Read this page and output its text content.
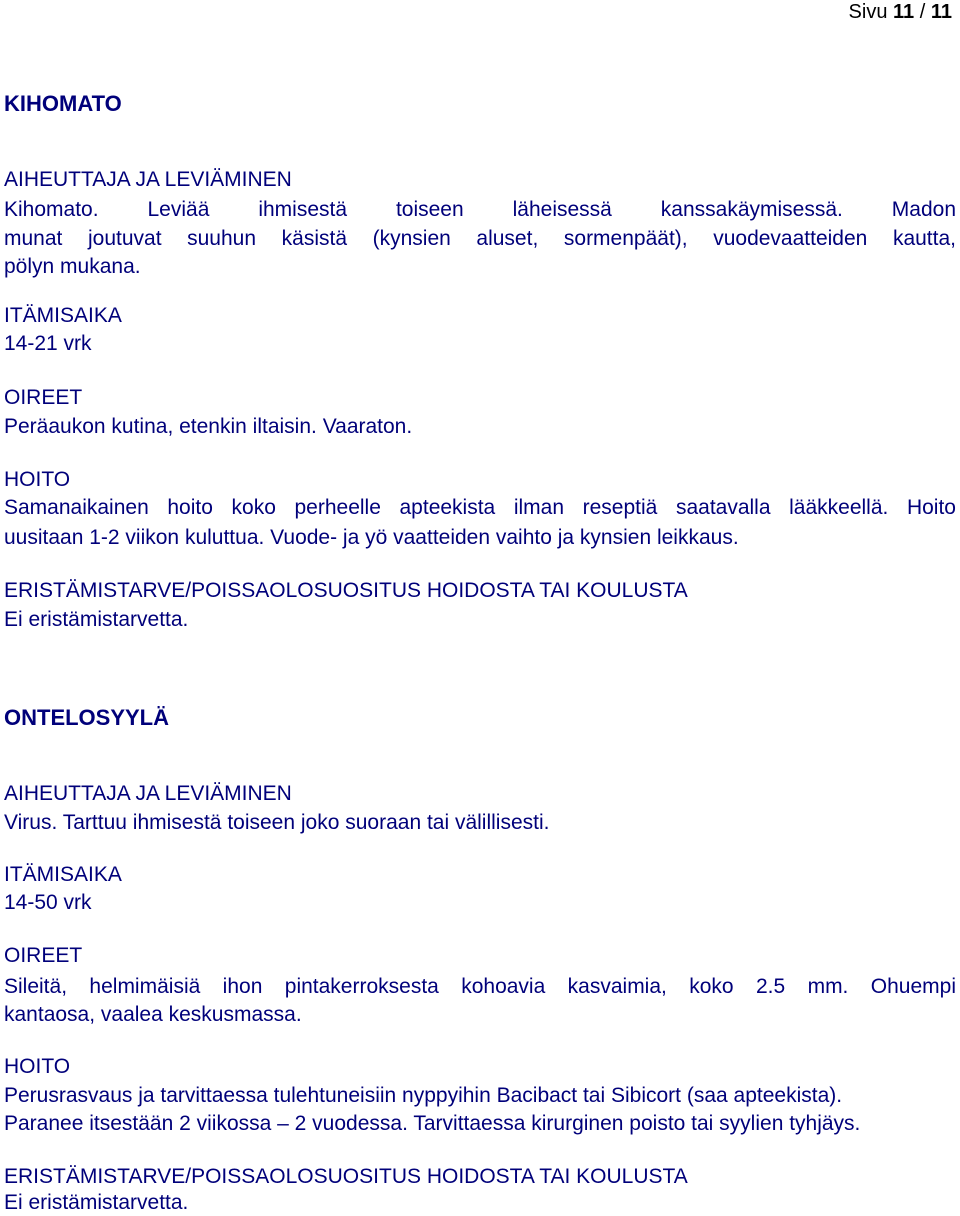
Sivu 11 / 11
KIHOMATO

AIHEUTTAJA JA LEVIÄMINEN

Kihomato. Leviää ihmisestä toiseen läheisessä kanssakäymisessä. Madon

munat joutuvat suuhun käsistä (kynsien aluset, sormenpäät), vuodevaatteiden kautta,

pölyn mukana.

ITÄMISAIKA

14-21 vrk

OIREET

Peräaukon kutina, etenkin iltaisin. Vaaraton.

HOITO

Samanaikainen hoito koko perheelle apteekista ilman reseptiä saatavalla lääkkeellä. Hoito

uusitaan 1-2 viikon kuluttua. Vuode- ja yö vaatteiden vaihto ja kynsien leikkaus.

ERISTÄMISTARVE/POISSAOLOSUOSITUS HOIDOSTA TAI KOULUSTA

Ei eristämistarvetta.

ONTELOSYYLÄ

AIHEUTTAJA JA LEVIÄMINEN

Virus. Tarttuu ihmisestä toiseen joko suoraan tai välillisesti.

ITÄMISAIKA

14-50 vrk

OIREET

Sileitä, helmimäisiä ihon pintakerroksesta kohoavia kasvaimia, koko 2.5 mm. Ohuempi

kantaosa, vaalea keskusmassa.

HOITO

Perusrasvaus ja tarvittaessa tulehtuneisiin nyppyihin Bacibact tai Sibicort (saa apteekista).

Paranee itsestään 2 viikossa – 2 vuodessa. Tarvittaessa kirurginen poisto tai syylien tyhjäys.

ERISTÄMISTARVE/POISSAOLOSUOSITUS HOIDOSTA TAI KOULUSTA

Ei eristämistarvetta.
